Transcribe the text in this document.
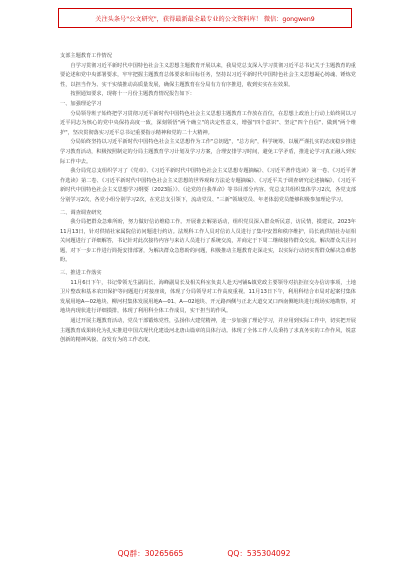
关注头条号"公文研究"，获得最新最全最专业的公文资料库！ 微信：gongwen9

支部主题教育工作情况

自学习贯彻习近平新时代中国特色社会主义思想主题教育开展以来，我局党总支深入学习贯彻习近平总书记关于主题教育的重要论述和党中央部署要求，牢牢把握主题教育总体要求和目标任务，坚持以习近平新时代中国特色社会主义思想凝心铸魂、锤炼党性，以担当作为、实干实绩推动高质量发展，确保主题教育在分局有力有序推进，收到实实在在效果。

按照通知要求，现将十一月份主题教育情况报告如下：

一、加强理论学习

分局领导班子始终把学习贯彻习近平新时代中国特色社会主义思想主题教育工作放在首位，在思想上政治上行动上始终同以习近平同志为核心的党中央保持高度一致，深刻领悟"两个确立"的决定性意义，增强"四个意识"、坚定"四个自信"、做到"两个维护"，坚决贯彻落实习近平总书记重要指示精神和党的二十大精神。

分局始终坚持以习近平新时代中国特色社会主义思想作为工作"总钥匙"，"总方向"，科学统筹，以履严谨扎实的态度稳步推进学习教育活动，积极按照制定的分局主题教育学习计划及学习方案，合理安排学习时间，避免工学矛盾，推进论学习真正融入到实际工作中去。

我分局党总支组织学习了《党章》、《习近平新时代中国特色社会主义思想专题摘编》、《习近平著作选读》第一卷、《习近平著作选读》第二卷、《习近平新时代中国特色社会主义思想的世界观和方法论专题摘编》、《习近平关于调查研究论述摘编》、《习近平新时代中国特色社会主义思想学习纲要（2023版）》、《论党的自我革命》等书目部分内容。党总支共组织集体学习2次，各党支部分别学习2次，各党小组分别学习2次，在党总支引领下，流动党员、"三新"领域党员、年老体弱党员能够积极参加理论学习。

二、调查调查研究

我分局把群众急难所盼，努力做好信访维稳工作。开展谁去解第话动，组织党员深入群众听民意，访民情，摸建议。2023年11月13日，针对供销社家属院信访问题进行约访。法规科工作人员对信访人员进行了集中安置和秩序维护，局长就供销社办证相关问题进行了详细解答，书记针对此次接待内容与来访人员进行了系统交流，并商定于下周二继续接待群众交流。解决群众关注问题，对下一步工作进行简扼安排部署，为解决群众急愁盼的问题，积极推动主题教育走深走实，以实际行动切实帮群众解决急难愁盼。

三、推进工作落实

11月6日下午，书记带领无生副局长、海峰副局长及相关科室负责人赴天河铺&镇党政主要领导对抗拒征交办信访事项，土地卫片整改和基本农田保护等问题进行对接座谈，体现了分局领导对工作高度重视。11月13日下午，利用科结合市局对起案付集体发展用地A—02地块、柳河村集体发展用地A—01、A—02地块、开元路西侧与正北大道交叉口西南侧地块进行现场实地勘察，对地块内现状进行详细摸排，体现了利用科全体工作成员，实干担当的作风。

通过开展主题教育活动，党员干部锻炼党性，弘扬伟大建党精神，进一步加强了理论学习，并应用到实际工作中，切实把开展主题教育成果转化为扎实推进中国式现代化建设河北唐山篇章的具体行动。体现了全体工作人员秉持了求真务实的工作作风，锐意创新的精神风貌、奋发有为的工作态度。

QQ群：30265665	QQ：535304092
